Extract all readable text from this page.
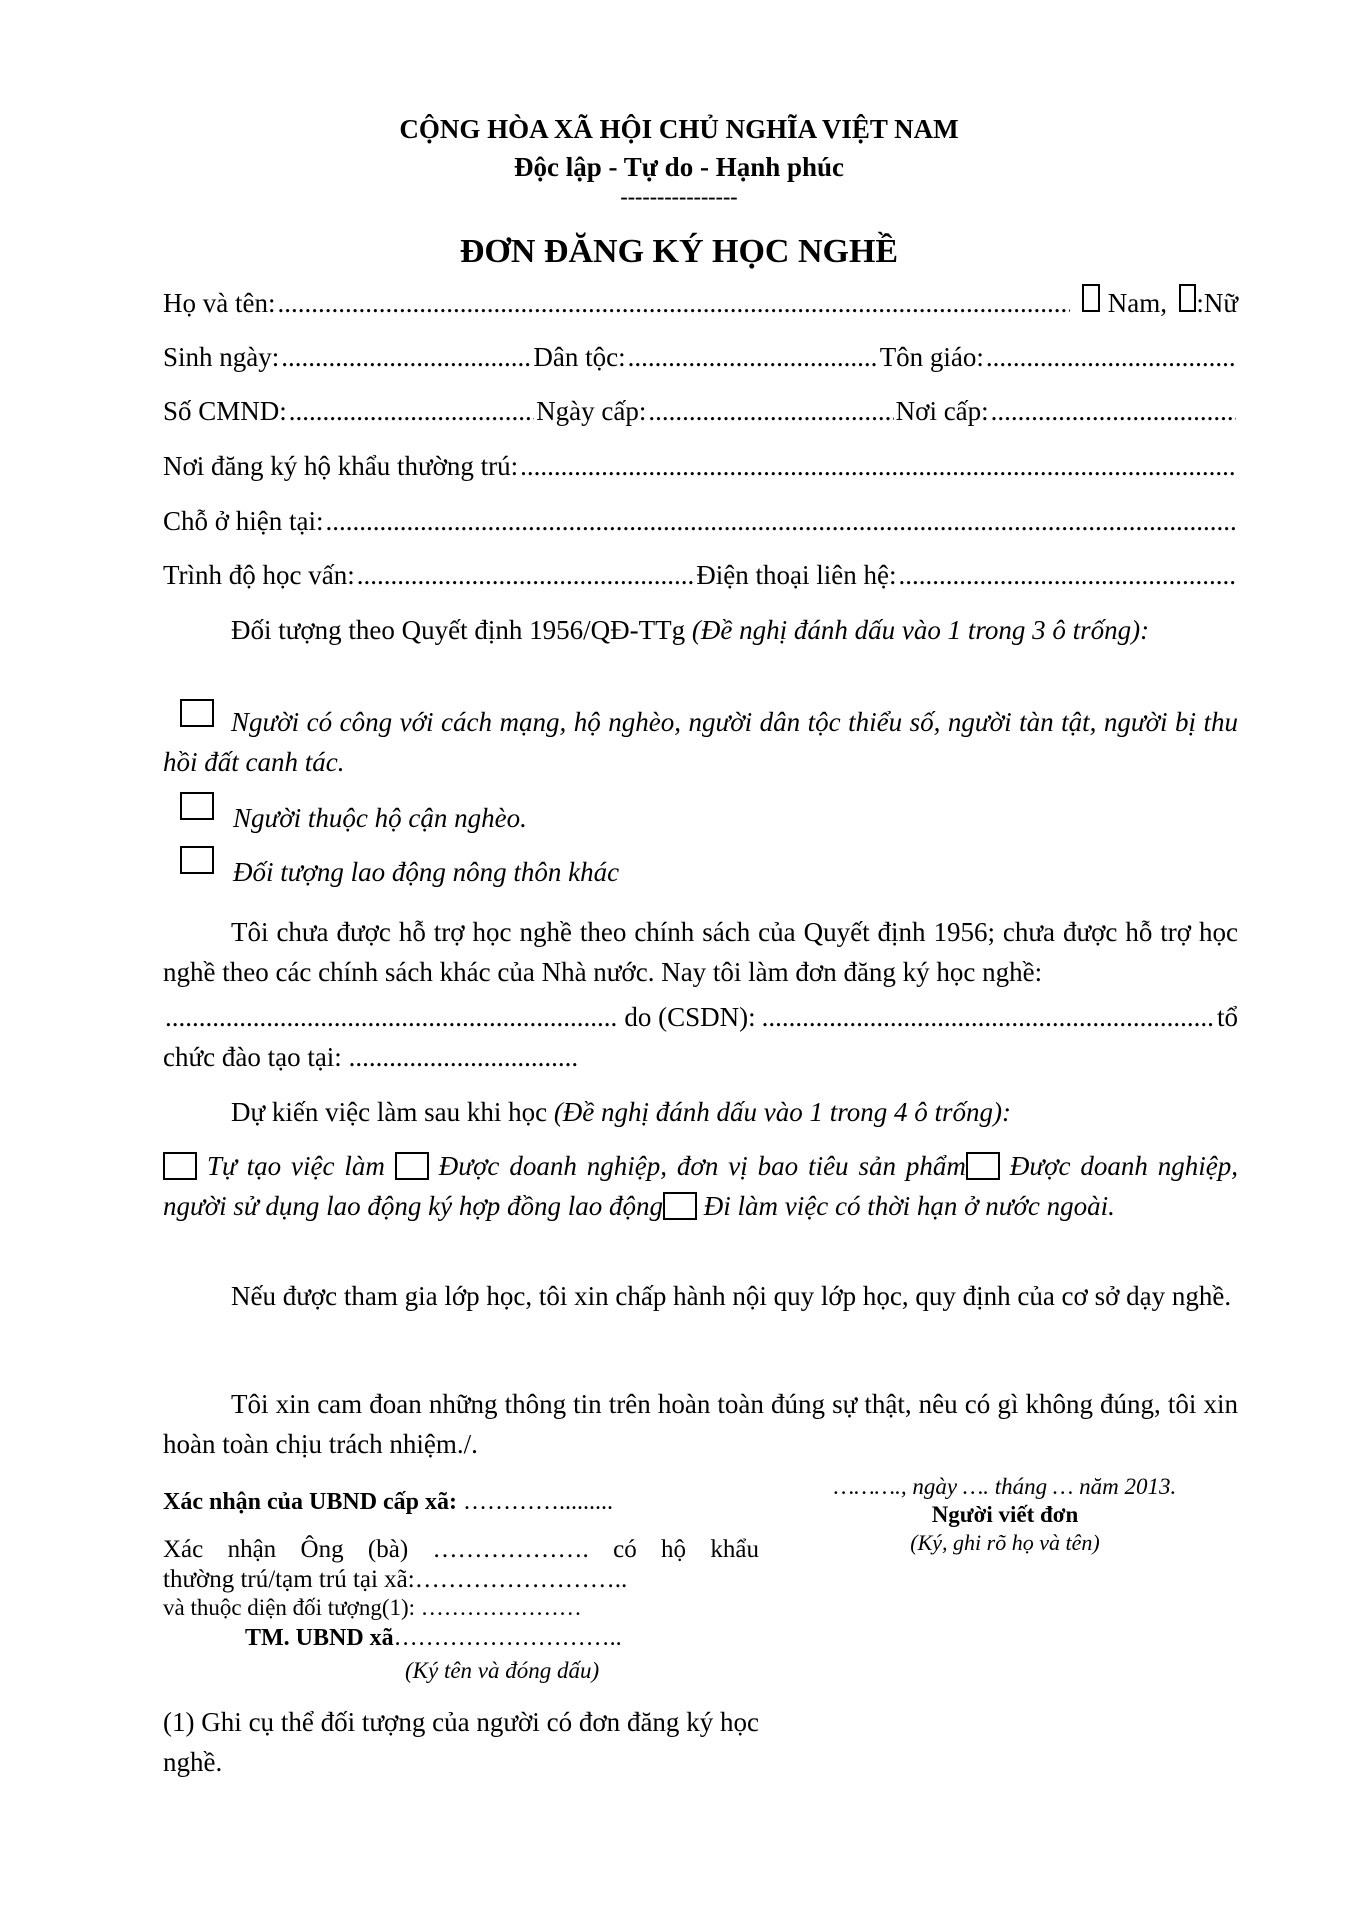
CỘNG HÒA XÃ HỘI CHỦ NGHĨA VIỆT NAM
Độc lập - Tự do - Hạnh phúc
----------------
ĐƠN ĐĂNG KÝ HỌC NGHỀ
Họ và tên: .....	Nam, :Nữ
Sinh ngày: .....	Dân tộc: .....	Tôn giáo:
.....
Số CMND: .....	Ngày cấp: .....	Nơi cấp:
.....
Nơi đăng ký hộ khẩu thường trú:
.....
Chỗ ở hiện tại:
.....
Trình độ học vấn: .....	Điện thoại liên hệ:
.....
Đối tượng theo Quyết định 1956/QĐ-TTg (Đề nghị đánh dấu vào 1 trong 3 ô trống):
Người có công với cách mạng, hộ nghèo, người dân tộc thiểu số, người tàn tật, người bị thu hồi đất canh tác.
Người thuộc hộ cận nghèo.
Đối tượng lao động nông thôn khác
Tôi chưa được hỗ trợ học nghề theo chính sách của Quyết định 1956; chưa được hỗ trợ học nghề theo các chính sách khác của Nhà nước. Nay tôi làm đơn đăng ký học nghề:
.....
do (CSDN): .....	tổ
chức đào tạo tại: ..................................
Dự kiến việc làm sau khi học (Đề nghị đánh dấu vào 1 trong 4 ô trống):
Tự tạo việc làm Được doanh nghiệp, đơn vị bao tiêu sản phẩm Được doanh nghiệp, người sử dụng lao động ký hợp đồng lao động Đi làm việc có thời hạn ở nước ngoài.
Nếu được tham gia lớp học, tôi xin chấp hành nội quy lớp học, quy định của cơ sở dạy nghề.
Tôi xin cam đoan những thông tin trên hoàn toàn đúng sự thật, nêu có gì không đúng, tôi xin hoàn toàn chịu trách nhiệm./.
Xác nhận của UBND cấp xã: ………….........
Xác nhận Ông (bà) ………………. có hộ khẩu
thường trú/tạm trú tại xã:……………………..
và thuộc diện đối tượng(1): …………………
TM. UBND xã………………………..
(Ký tên và đóng dấu)
(1) Ghi cụ thể đối tượng của người có đơn đăng ký học nghề.
………., ngày …. tháng … năm 2013.
Người viết đơn
(Ký, ghi rõ họ và tên)
